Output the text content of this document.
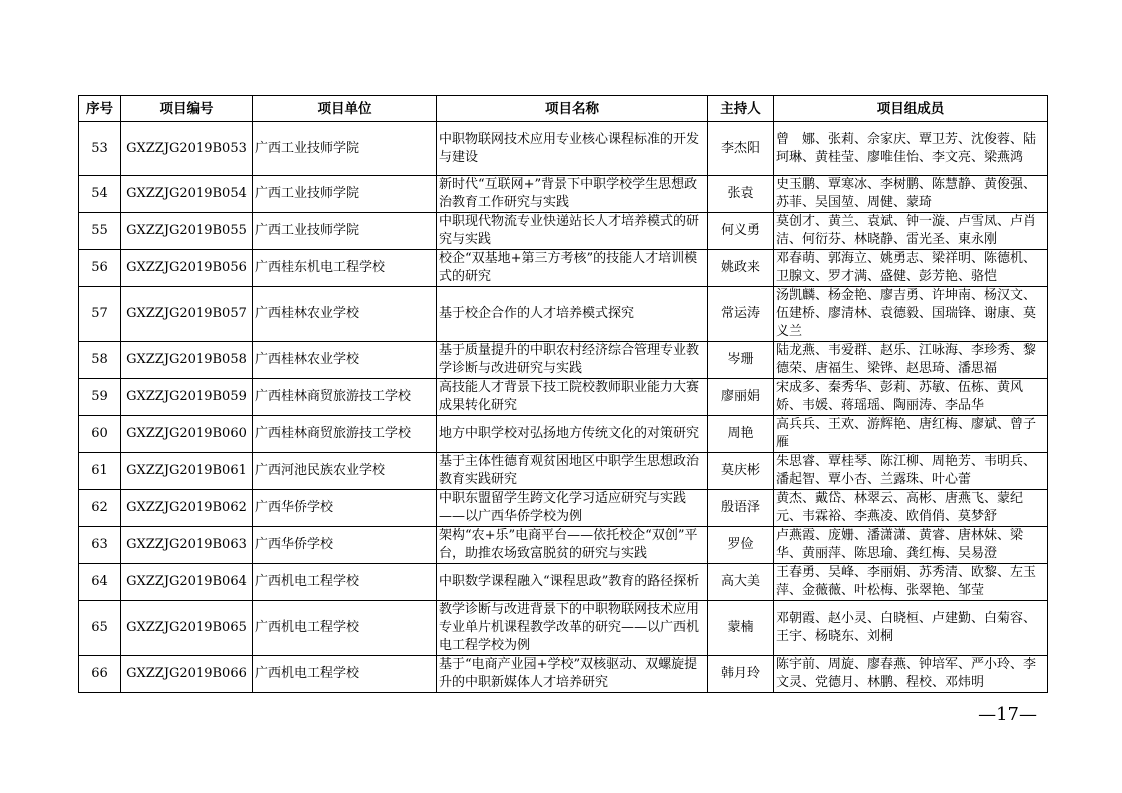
序号	项目编号	项目单位	项目名称	主持人	项目组成员
53	GXZZJG2019B053	广西工业技师学院	中职物联网技术应用专业核心课程标准的开发与建设	李杰阳	曾　娜、张莉、佘家庆、覃卫芳、沈俊蓉、陆珂琳、黄桂莹、廖唯佳怡、李文亮、梁燕鸿
54	GXZZJG2019B054	广西工业技师学院	新时代“互联网+”背景下中职学校学生思想政治教育工作研究与实践	张袁	史玉鹏、覃寒冰、李树鹏、陈慧静、黄俊强、苏菲、吴国堃、周健、蒙琦
55	GXZZJG2019B055	广西工业技师学院	中职现代物流专业快递站长人才培养模式的研究与实践	何义勇	莫创才、黄兰、袁斌、钟一漩、卢雪凤、卢肖洁、何衍芬、林晓静、雷光圣、東永刚
56	GXZZJG2019B056	广西桂东机电工程学校	校企“双基地+第三方考核”的技能人才培训模式的研究	姚政来	邓春萌、郭海立、姚勇志、梁祥明、陈德机、卫腺文、罗才满、盛健、彭芳艳、骆恺
57	GXZZJG2019B057	广西桂林农业学校	基于校企合作的人才培养模式探究	常运涛	汤凯麟、杨金艳、廖吉勇、许坤南、杨汉文、伍建桥、廖清林、袁德毅、国瑞锋、谢康、莫义兰
58	GXZZJG2019B058	广西桂林农业学校	基于质量提升的中职农村经济综合管理专业教学诊断与改进研究与实践	岑珊	陆龙燕、韦爱群、赵乐、江咏海、李珍秀、黎德荣、唐福生、梁铧、赵思琦、潘思福
59	GXZZJG2019B059	广西桂林商贸旅游技工学校	高技能人才背景下技工院校教师职业能力大赛成果转化研究	廖丽娟	宋成多、秦秀华、彭莉、苏敏、伍栋、黄风娇、韦媛、蒋瑶瑶、陶丽涛、李品华
60	GXZZJG2019B060	广西桂林商贸旅游技工学校	地方中职学校对弘扬地方传统文化的对策研究	周艳	高兵兵、王欢、游辉艳、唐红梅、廖斌、曾子雁
61	GXZZJG2019B061	广西河池民族农业学校	基于主体性德育观贫困地区中职学生思想政治教育实践研究	莫庆彬	朱思睿、覃桂琴、陈江柳、周艳芳、韦明兵、潘起智、覃小杏、兰露珠、叶心蕾
62	GXZZJG2019B062	广西华侨学校	中职东盟留学生跨文化学习适应研究与实践——以广西华侨学校为例	殷语泽	黄杰、戴岱、林翠云、高彬、唐燕飞、蒙纪元、韦霖裕、李燕凌、欧俏俏、莫梦舒
63	GXZZJG2019B063	广西华侨学校	架构“农+乐”电商平台——依托校企“双创”平台，助推农场致富脱贫的研究与实践	罗俭	卢燕霞、庞姗、潘潇潇、黄睿、唐林妹、梁华、黄丽萍、陈思瑜、龚红梅、吴易澄
64	GXZZJG2019B064	广西机电工程学校	中职数学课程融入“课程思政”教育的路径探析	高大美	王春勇、吴峰、李丽娟、苏秀清、欧黎、左玉萍、金薇薇、叶松梅、张翠艳、邹莹
65	GXZZJG2019B065	广西机电工程学校	教学诊断与改进背景下的中职物联网技术应用专业单片机课程教学改革的研究——以广西机电工程学校为例	蒙楠	邓朝霞、赵小灵、白晓桓、卢建勤、白菊容、王宇、杨晓东、刘桐
66	GXZZJG2019B066	广西机电工程学校	基于“电商产业园+学校”双核驱动、双螺旋提升的中职新媒体人才培养研究	韩月玲	陈宇前、周旋、廖春燕、钟培军、严小玲、李文灵、党德月、林鹏、程校、邓炜明
—17—
